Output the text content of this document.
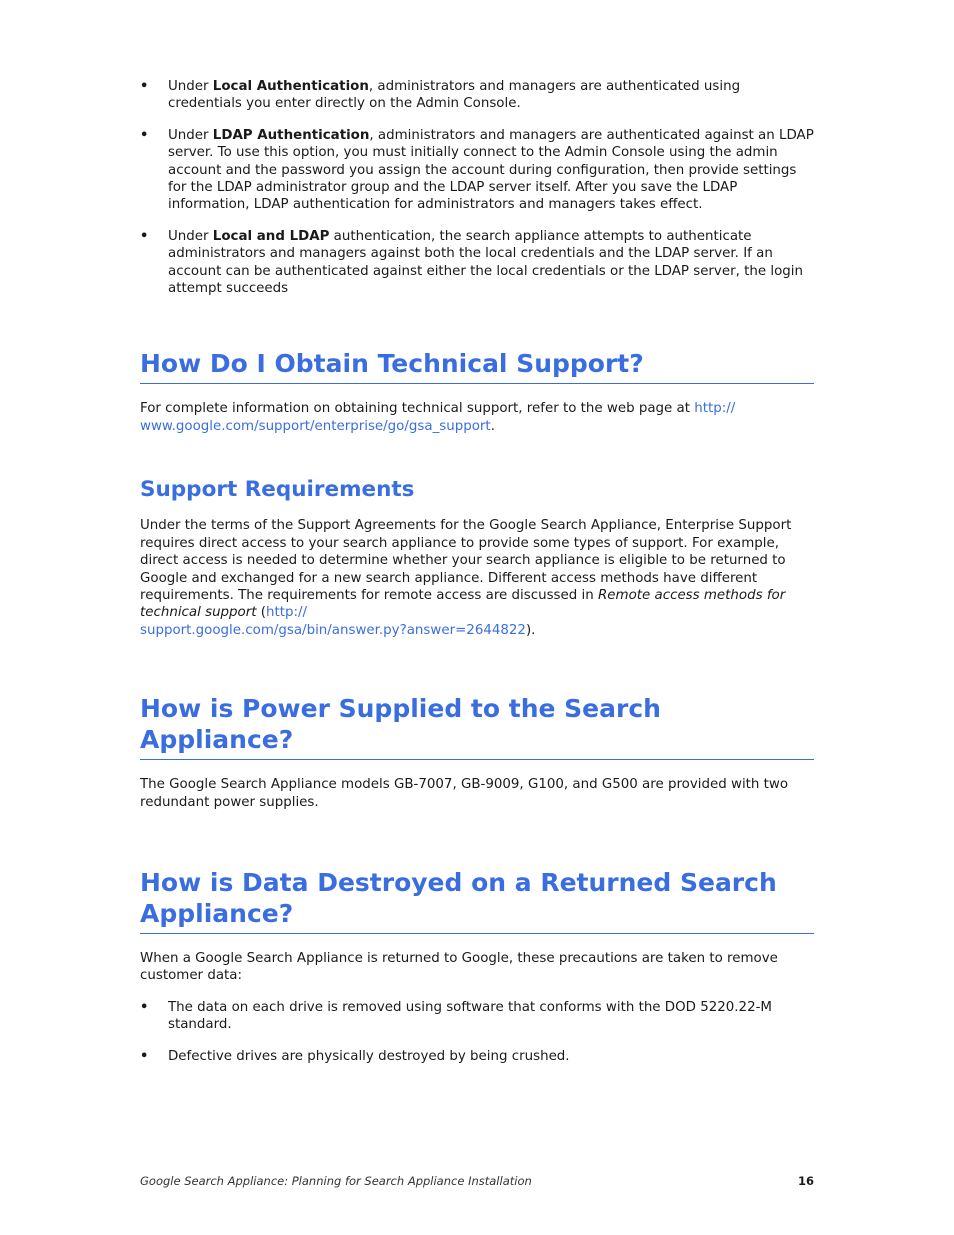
• Under Local Authentication, administrators and managers are authenticated using credentials you enter directly on the Admin Console.
• Under LDAP Authentication, administrators and managers are authenticated against an LDAP server. To use this option, you must initially connect to the Admin Console using the admin account and the password you assign the account during configuration, then provide settings for the LDAP administrator group and the LDAP server itself. After you save the LDAP information, LDAP authentication for administrators and managers takes effect.
• Under Local and LDAP authentication, the search appliance attempts to authenticate administrators and managers against both the local credentials and the LDAP server. If an account can be authenticated against either the local credentials or the LDAP server, the login attempt succeeds
How Do I Obtain Technical Support?

For complete information on obtaining technical support, refer to the web page at http://
www.google.com/support/enterprise/go/gsa_support.

Support Requirements

Under the terms of the Support Agreements for the Google Search Appliance, Enterprise Support requires direct access to your search appliance to provide some types of support. For example, direct access is needed to determine whether your search appliance is eligible to be returned to Google and exchanged for a new search appliance. Different access methods have different requirements. The requirements for remote access are discussed in Remote access methods for technical support (http://
support.google.com/gsa/bin/answer.py?answer=2644822).

How is Power Supplied to the Search Appliance?

The Google Search Appliance models GB-7007, GB-9009, G100, and G500 are provided with two redundant power supplies.

How is Data Destroyed on a Returned Search
Appliance?

When a Google Search Appliance is returned to Google, these precautions are taken to remove customer data:

• The data on each drive is removed using software that conforms with the DOD 5220.22-M standard.
• Defective drives are physically destroyed by being crushed.
Google Search Appliance: Planning for Search Appliance Installation	16
